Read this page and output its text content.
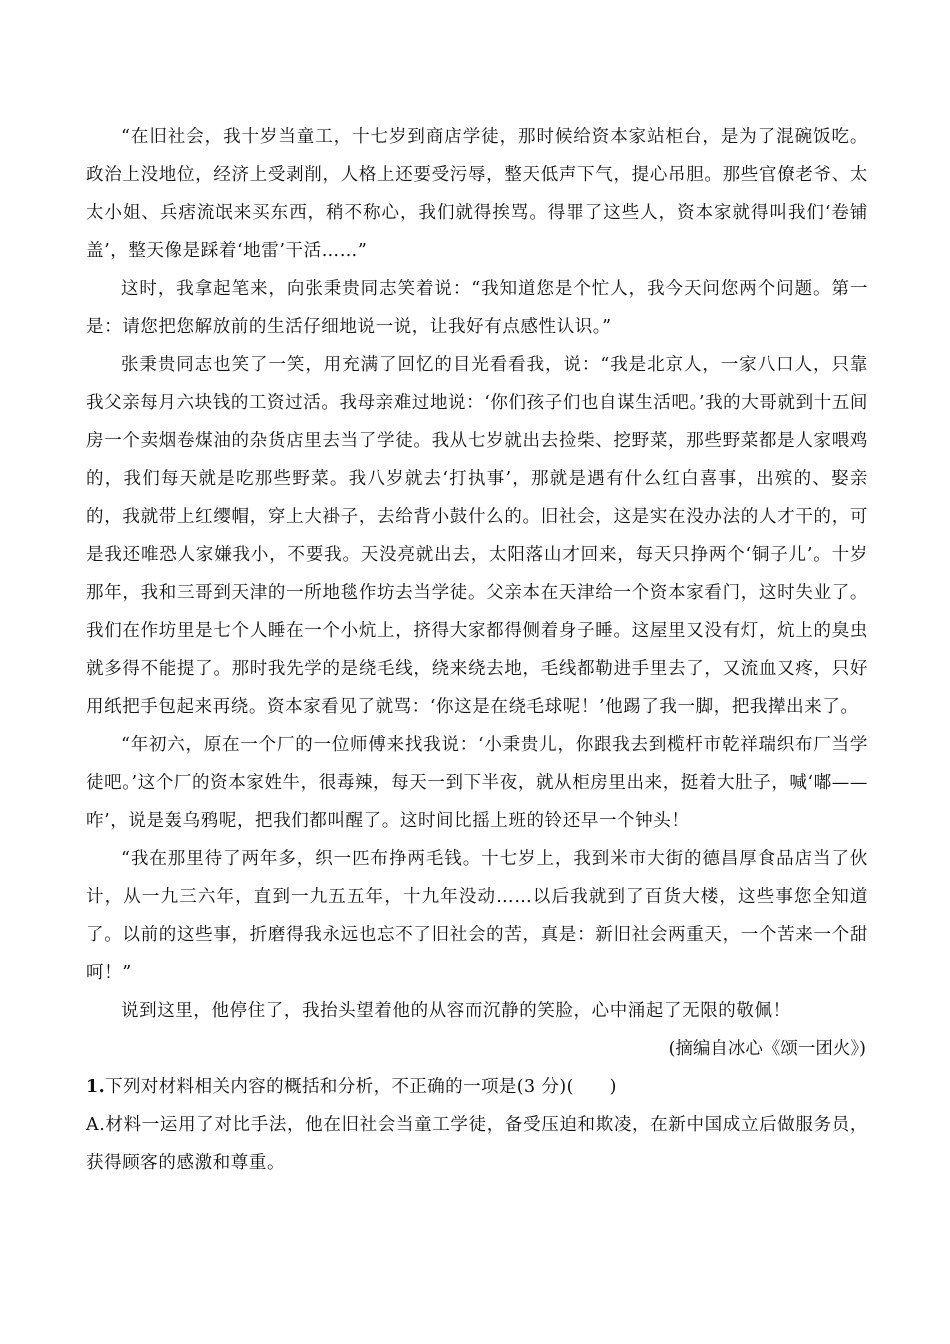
“在旧社会，我十岁当童工，十七岁到商店学徒，那时候给资本家站柜台，是为了混碗饭吃。政治上没地位，经济上受剥削，人格上还要受污辱，整天低声下气，提心吊胆。那些官僚老爷、太太小姐、兵痞流氓来买东西，稍不称心，我们就得挨骂。得罪了这些人，资本家就得叫我们‘卷铺盖’，整天像是踩着‘地雷’干活……”

这时，我拿起笔来，向张秉贵同志笑着说：“我知道您是个忙人，我今天问您两个问题。第一是：请您把您解放前的生活仔细地说一说，让我好有点感性认识。”

张秉贵同志也笑了一笑，用充满了回忆的目光看看我，说：“我是北京人，一家八口人，只靠我父亲每月六块钱的工资过活。我母亲难过地说：‘你们孩子们也自谋生活吧。’我的大哥就到十五间房一个卖烟卷煤油的杂货店里去当了学徒。我从七岁就出去捡柴、挖野菜，那些野菜都是人家喂鸡的，我们每天就是吃那些野菜。我八岁就去‘打执事’，那就是遇有什么红白喜事，出殡的、娶亲的，我就带上红缨帽，穿上大褂子，去给背小鼓什么的。旧社会，这是实在没办法的人才干的，可是我还唯恐人家嫌我小，不要我。天没亮就出去，太阳落山才回来，每天只挣两个‘铜子儿’。十岁那年，我和三哥到天津的一所地毯作坊去当学徒。父亲本在天津给一个资本家看门，这时失业了。我们在作坊里是七个人睡在一个小炕上，挤得大家都得侧着身子睡。这屋里又没有灯，炕上的臭虫就多得不能提了。那时我先学的是绕毛线，绕来绕去地，毛线都勒进手里去了，又流血又疼，只好用纸把手包起来再绕。资本家看见了就骂：‘你这是在绕毛球呢！’他踢了我一脚，把我撵出来了。

“年初六，原在一个厂的一位师傅来找我说：‘小秉贵儿，你跟我去到榄杆市乾祥瑞织布厂当学徒吧。’这个厂的资本家姓牛，很毒辣，每天一到下半夜，就从柜房里出来，挺着大肚子，喊‘嘟——咋’，说是轰乌鸦呢，把我们都叫醒了。这时间比摇上班的铃还早一个钟头！

“我在那里待了两年多，织一匹布挣两毛钱。十七岁上，我到米市大街的德昌厚食品店当了伙计，从一九三六年，直到一九五五年，十九年没动……以后我就到了百货大楼，这些事您全知道了。以前的这些事，折磨得我永远也忘不了旧社会的苦，真是：新旧社会两重天，一个苦来一个甜呵！”

说到这里，他停住了，我抬头望着他的从容而沉静的笑脸，心中涌起了无限的敬佩！

(摘编自冰心《颂一团火》)

1.下列对材料相关内容的概括和分析，不正确的一项是(3 分)(　　)

A.材料一运用了对比手法，他在旧社会当童工学徒，备受压迫和欺凌，在新中国成立后做服务员，获得顾客的感激和尊重。
